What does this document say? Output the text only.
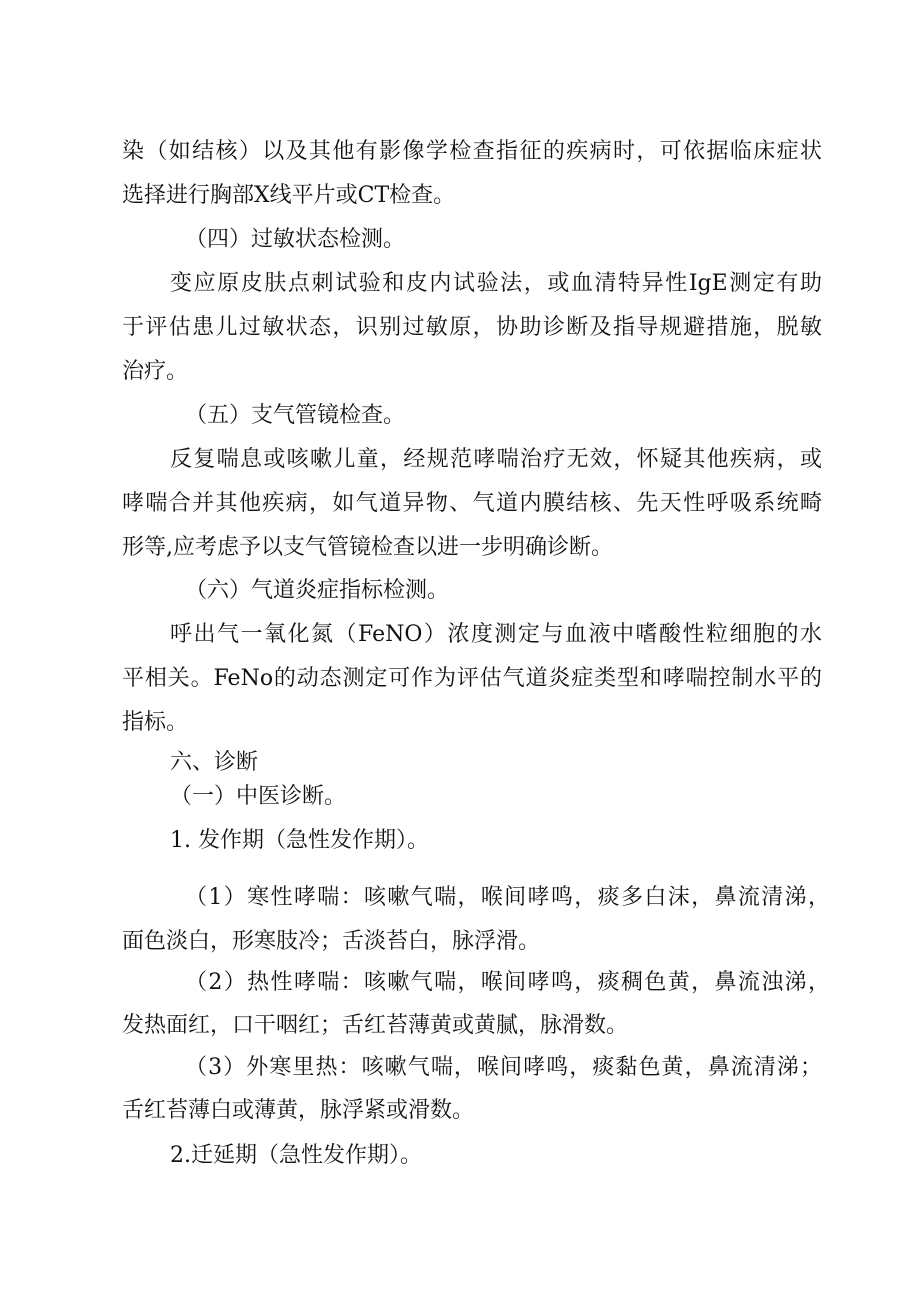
染（如结核）以及其他有影像学检查指征的疾病时，可依据临床症状
选择进行胸部X线平片或CT检查。
（四）过敏状态检测。
变应原皮肤点刺试验和皮内试验法，或血清特异性IgE测定有助
于评估患儿过敏状态，识别过敏原，协助诊断及指导规避措施，脱敏
治疗。
（五）支气管镜检查。
反复喘息或咳嗽儿童，经规范哮喘治疗无效，怀疑其他疾病，或
哮喘合并其他疾病，如气道异物、气道内膜结核、先天性呼吸系统畸
形等,应考虑予以支气管镜检查以进一步明确诊断。
（六）气道炎症指标检测。
呼出气一氧化氮（FeNO）浓度测定与血液中嗜酸性粒细胞的水
平相关。FeNo的动态测定可作为评估气道炎症类型和哮喘控制水平的
指标。
六、诊断
（一）中医诊断。
1. 发作期（急性发作期）。
（1）寒性哮喘：咳嗽气喘，喉间哮鸣，痰多白沫，鼻流清涕，
面色淡白，形寒肢冷；舌淡苔白，脉浮滑。
（2）热性哮喘：咳嗽气喘，喉间哮鸣，痰稠色黄，鼻流浊涕，
发热面红，口干咽红；舌红苔薄黄或黄腻，脉滑数。
（3）外寒里热：咳嗽气喘，喉间哮鸣，痰黏色黄，鼻流清涕；
舌红苔薄白或薄黄，脉浮紧或滑数。
2.迁延期（急性发作期）。
